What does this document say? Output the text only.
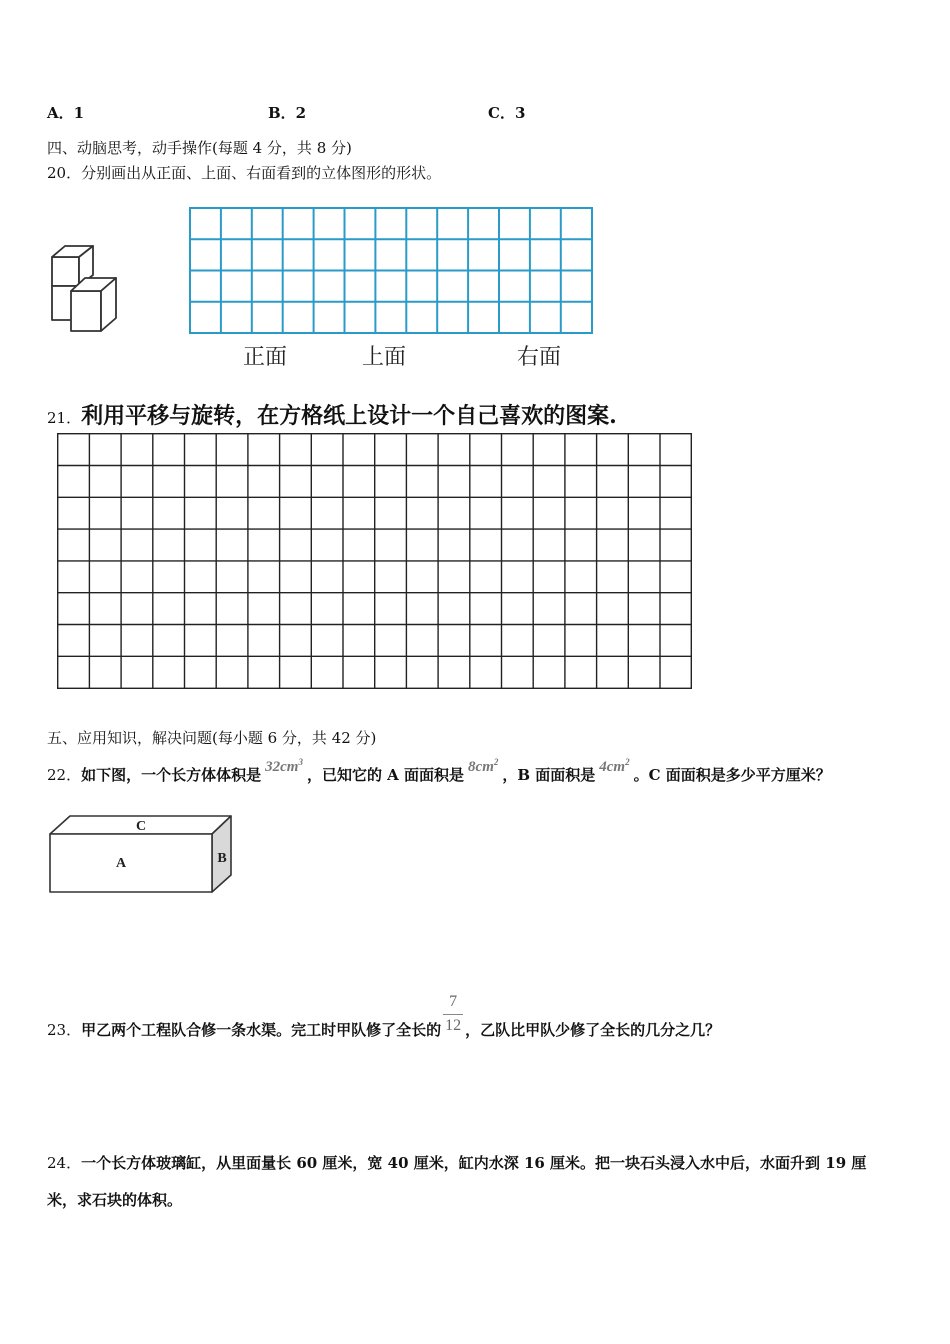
A．1	B．2	C．3
四、动脑思考，动手操作(每题 4 分，共 8 分)
20．分别画出从正面、上面、右面看到的立体图形的形状。
正面	上面	右面
21．利用平移与旋转，在方格纸上设计一个自己喜欢的图案.
五、应用知识，解决问题(每小题 6 分，共 42 分)
22．如下图，一个长方体体积是 $32cm^3$，已知它的 A 面面积是 $8cm^2$，B 面面积是 $4cm^2$。C 面面积是多少平方厘米？
C
A	B
23．甲乙两个工程队合修一条水渠。完工时甲队修了全长的 $\frac{7}{12}$ ，乙队比甲队少修了全长的几分之几？
24．一个长方体玻璃缸，从里面量长 60 厘米，宽 40 厘米，缸内水深 16 厘米。把一块石头浸入水中后，水面升到 19 厘
米，求石块的体积。
